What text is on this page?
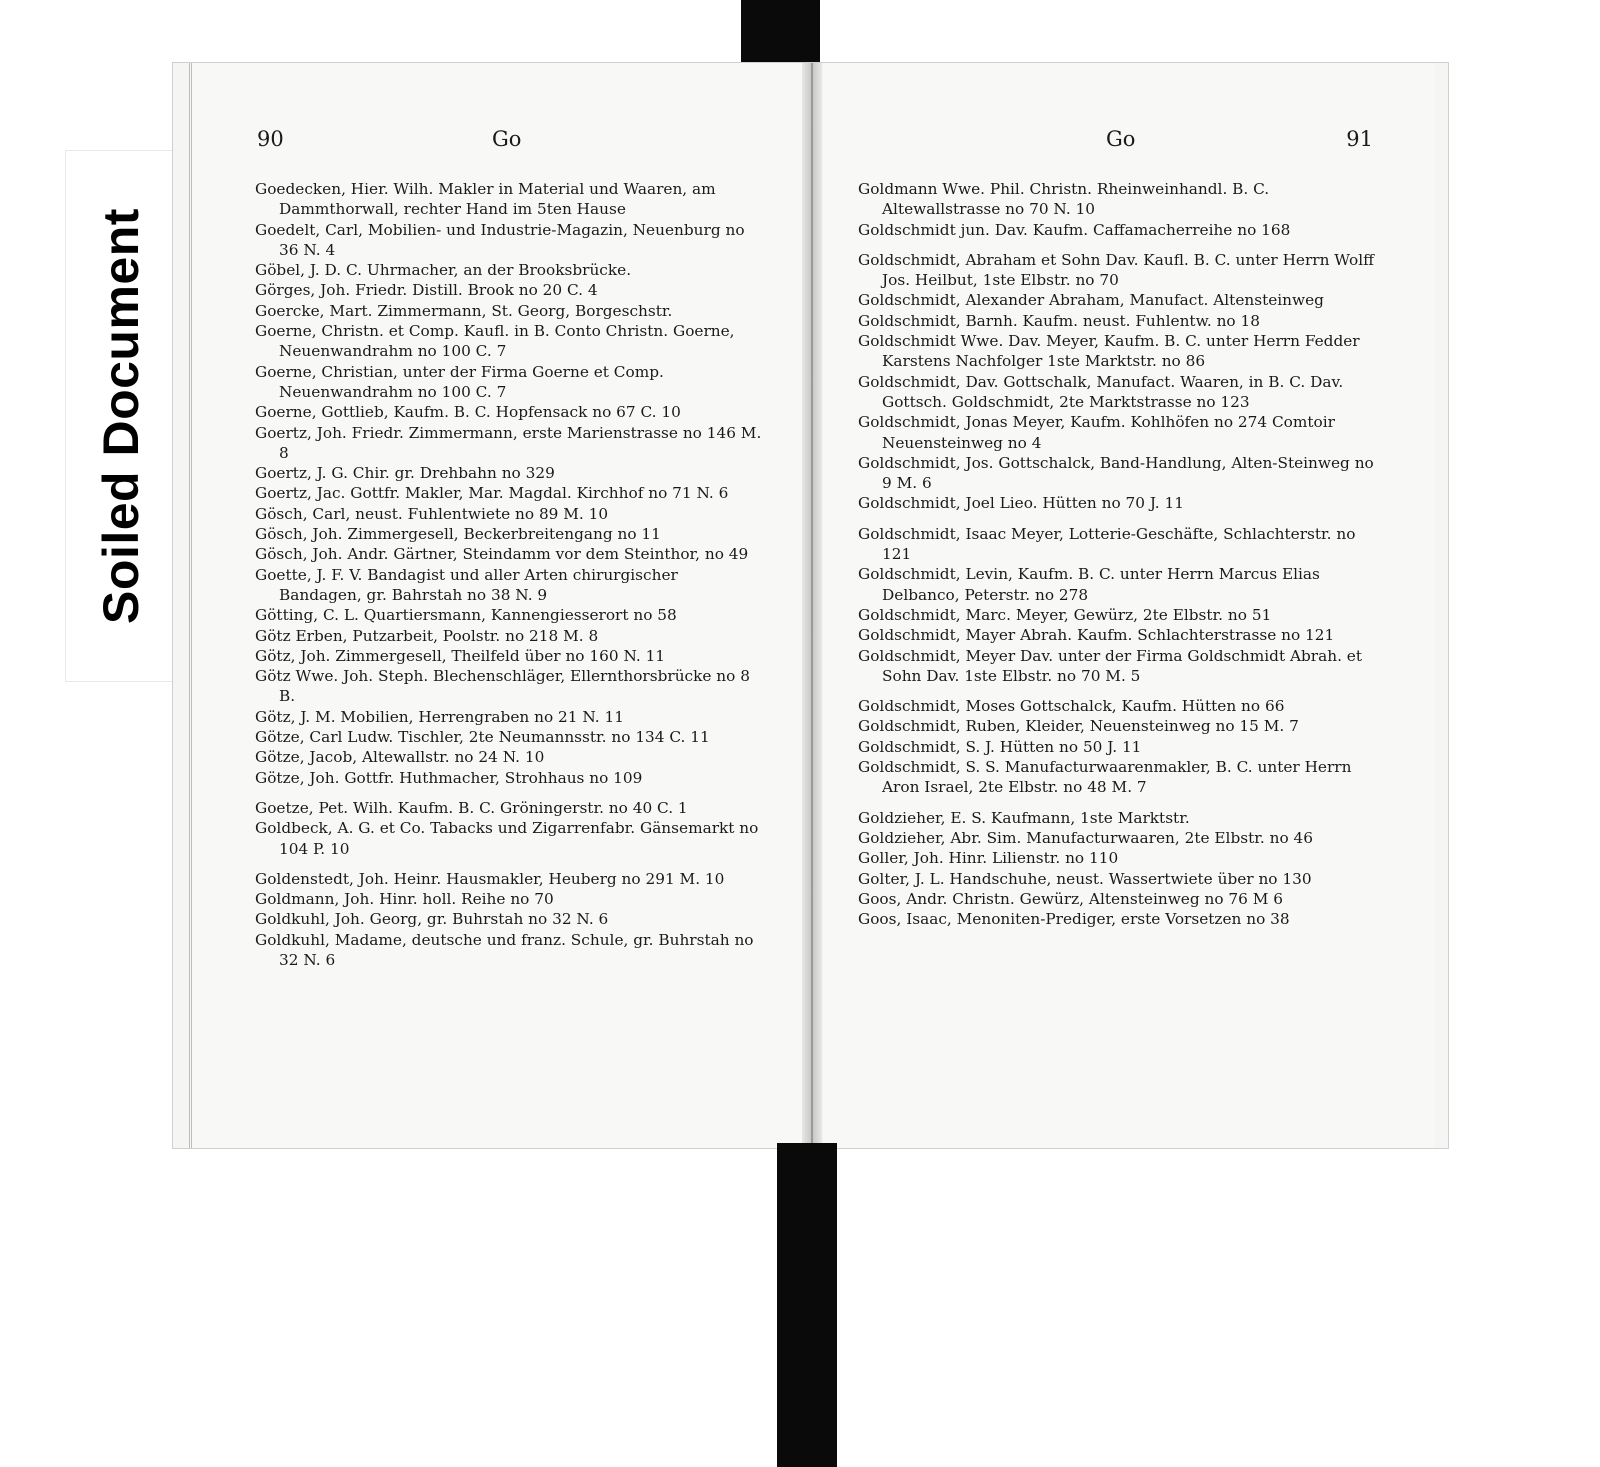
Soiled Document
90	Go
Goedecken, Hier. Wilh. Makler in Material und Waaren, am Dammthorwall, rechter Hand im 5ten Hause
Goedelt, Carl, Mobilien- und Industrie-Magazin, Neuenburg no 36 N. 4
Göbel, J. D. C. Uhrmacher, an der Brooksbrücke.
Görges, Joh. Friedr. Distill. Brook no 20 C. 4
Goercke, Mart. Zimmermann, St. Georg, Borgeschstr.
Goerne, Christn. et Comp. Kaufl. in B. Conto Christn. Goerne, Neuenwandrahm no 100 C. 7
Goerne, Christian, unter der Firma Goerne et Comp. Neuenwandrahm no 100 C. 7
Goerne, Gottlieb, Kaufm. B. C. Hopfensack no 67 C. 10
Goertz, Joh. Friedr. Zimmermann, erste Marienstrasse no 146 M. 8
Goertz, J. G. Chir. gr. Drehbahn no 329
Goertz, Jac. Gottfr. Makler, Mar. Magdal. Kirchhof no 71 N. 6
Gösch, Carl, neust. Fuhlentwiete no 89 M. 10
Gösch, Joh. Zimmergesell, Beckerbreitengang no 11
Gösch, Joh. Andr. Gärtner, Steindamm vor dem Steinthor, no 49
Goette, J. F. V. Bandagist und aller Arten chirurgischer Bandagen, gr. Bahrstah no 38 N. 9
Götting, C. L. Quartiersmann, Kannengiesserort no 58
Götz Erben, Putzarbeit, Poolstr. no 218 M. 8
Götz, Joh. Zimmergesell, Theilfeld über no 160 N. 11
Götz Wwe. Joh. Steph. Blechenschläger, Ellernthorsbrücke no 8 B.
Götz, J. M. Mobilien, Herrengraben no 21 N. 11
Götze, Carl Ludw. Tischler, 2te Neumannsstr. no 134 C. 11
Götze, Jacob, Altewallstr. no 24 N. 10
Götze, Joh. Gottfr. Huthmacher, Strohhaus no 109
Goetze, Pet. Wilh. Kaufm. B. C. Gröningerstr. no 40 C. 1
Goldbeck, A. G. et Co. Tabacks und Zigarrenfabr. Gänsemarkt no 104 P. 10
Goldenstedt, Joh. Heinr. Hausmakler, Heuberg no 291 M. 10
Goldmann, Joh. Hinr. holl. Reihe no 70
Goldkuhl, Joh. Georg, gr. Buhrstah no 32 N. 6
Goldkuhl, Madame, deutsche und franz. Schule, gr. Buhrstah no 32 N. 6
Go	91
Goldmann Wwe. Phil. Christn. Rheinweinhandl. B. C. Altewallstrasse no 70 N. 10
Goldschmidt jun. Dav. Kaufm. Caffamacherreihe no 168
Goldschmidt, Abraham et Sohn Dav. Kaufl. B. C. unter Herrn Wolff Jos. Heilbut, 1ste Elbstr. no 70
Goldschmidt, Alexander Abraham, Manufact. Altensteinweg
Goldschmidt, Barnh. Kaufm. neust. Fuhlentw. no 18
Goldschmidt Wwe. Dav. Meyer, Kaufm. B. C. unter Herrn Fedder Karstens Nachfolger 1ste Marktstr. no 86
Goldschmidt, Dav. Gottschalk, Manufact. Waaren, in B. C. Dav. Gottsch. Goldschmidt, 2te Marktstrasse no 123
Goldschmidt, Jonas Meyer, Kaufm. Kohlhöfen no 274 Comtoir Neuensteinweg no 4
Goldschmidt, Jos. Gottschalck, Band-Handlung, Alten-Steinweg no 9 M. 6
Goldschmidt, Joel Lieo. Hütten no 70 J. 11
Goldschmidt, Isaac Meyer, Lotterie-Geschäfte, Schlachterstr. no 121
Goldschmidt, Levin, Kaufm. B. C. unter Herrn Marcus Elias Delbanco, Peterstr. no 278
Goldschmidt, Marc. Meyer, Gewürz, 2te Elbstr. no 51
Goldschmidt, Mayer Abrah. Kaufm. Schlachterstrasse no 121
Goldschmidt, Meyer Dav. unter der Firma Goldschmidt Abrah. et Sohn Dav. 1ste Elbstr. no 70 M. 5
Goldschmidt, Moses Gottschalck, Kaufm. Hütten no 66
Goldschmidt, Ruben, Kleider, Neuensteinweg no 15 M. 7
Goldschmidt, S. J. Hütten no 50 J. 11
Goldschmidt, S. S. Manufacturwaarenmakler, B. C. unter Herrn Aron Israel, 2te Elbstr. no 48 M. 7
Goldzieher, E. S. Kaufmann, 1ste Marktstr.
Goldzieher, Abr. Sim. Manufacturwaaren, 2te Elbstr. no 46
Goller, Joh. Hinr. Lilienstr. no 110
Golter, J. L. Handschuhe, neust. Wassertwiete über no 130
Goos, Andr. Christn. Gewürz, Altensteinweg no 76 M 6
Goos, Isaac, Menoniten-Prediger, erste Vorsetzen no 38
